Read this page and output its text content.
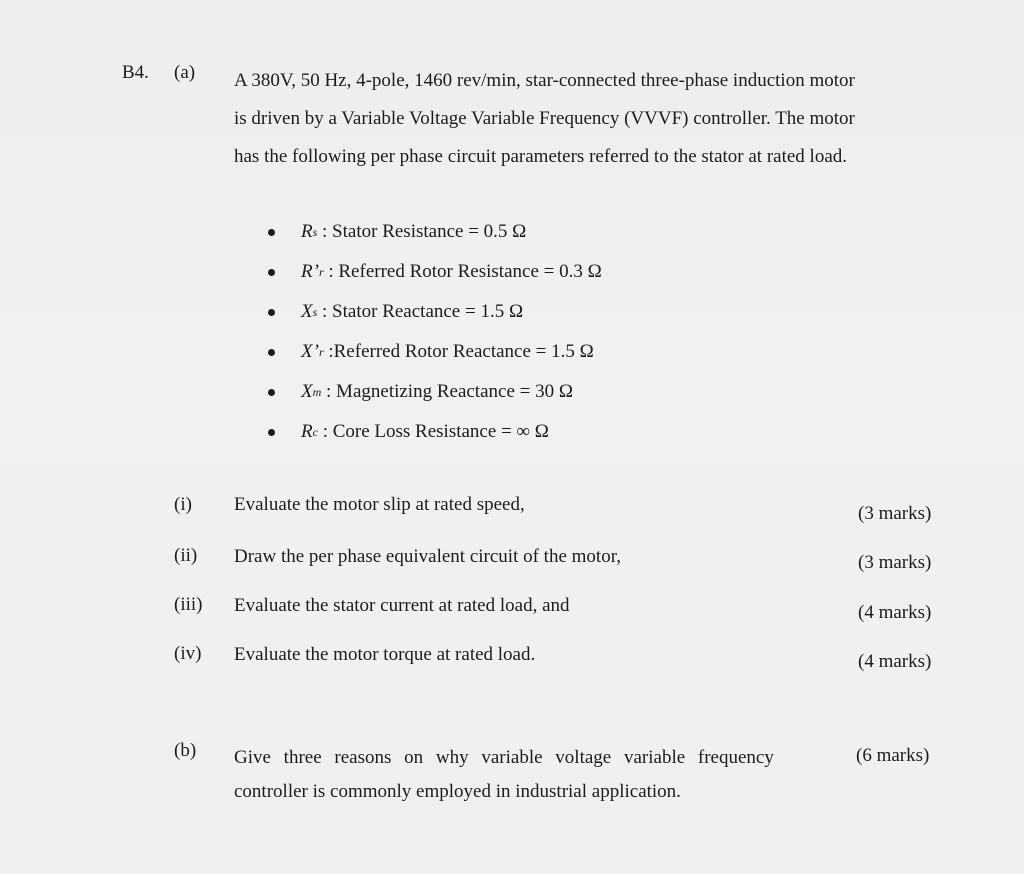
B4. (a) A 380V, 50 Hz, 4-pole, 1460 rev/min, star-connected three-phase induction motor
is driven by a Variable Voltage Variable Frequency (VVVF) controller. The motor
has the following per phase circuit parameters referred to the stator at rated load.
R s : Stator Resistance = 0.5 Ω
R ’ r : Referred Rotor Resistance = 0.3 Ω
X s : Stator Reactance = 1.5 Ω
X ’ r :Referred Rotor Reactance = 1.5 Ω
X m : Magnetizing Reactance = 30 Ω
R c : Core Loss Resistance = ∞ Ω
(i) Evaluate the motor slip at rated speed,	(3 marks)
(ii) Draw the per phase equivalent circuit of the motor,	(3 marks)
(iii) Evaluate the stator current at rated load, and	(4 marks)
(iv) Evaluate the motor torque at rated load.	(4 marks)
(b) Give three reasons on why variable voltage variable frequency
controller is commonly employed in industrial application.
(6 marks)
